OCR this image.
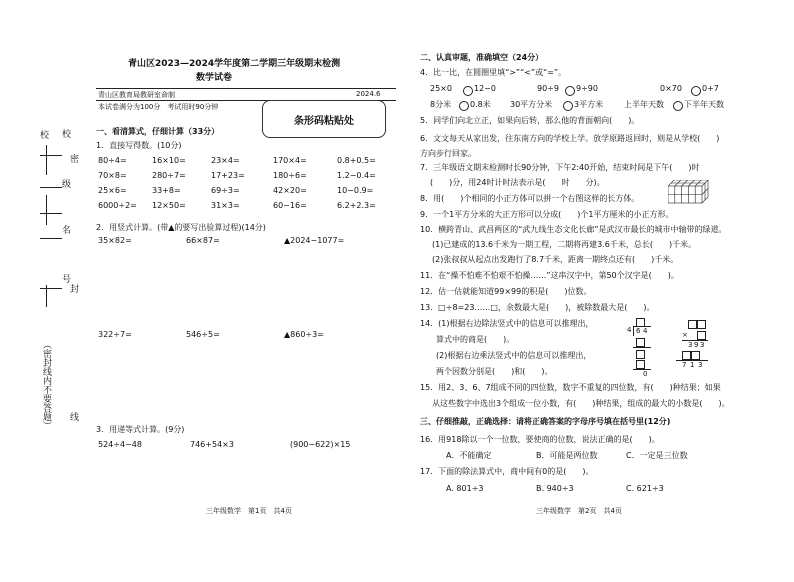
校 校
密
级
名
号
封
线
（密封线内不要答题）
青山区2023—2024学年度第二学期三年级期末检测
数学试卷
青山区教育局教研室命制	2024.6
本试卷满分为100分　考试用时90分钟
条形码粘贴处
一、看清算式，仔细计算（33分）
1．直接写得数。(10分)
80÷4=	16×10=	23×4=	170×4=	0.8+0.5=
70×8=	280÷7=	17+23=	180÷6=	1.2−0.4=
25×6=	33+8=	69÷3=	42×20=	10−0.9=
6000÷2= 12×50=	31×3=	60−16=	6.2+2.3=
2．用竖式计算。(带▲的要写出验算过程)(14分)
35×82=	66×87=	▲2024−1077=
322÷7=	546÷5=	▲860÷3=
3．用递等式计算。(9分)
524÷4−48	746+54×3	(900−622)×15
三年级数学　第1页　共4页
二、认真审题，准确填空（24分）
4．比一比，在圆圈里填“>”“<”或“=”。
25×0	12−0	90÷9 9÷90	0×70	0+7
8分米 0.8米 30平方分米	3平方米	上半年天数	下半年天数
5．同学们向北立正，如果向后转，那么他的背面朝向(　　)。
6．文文每天从家出发，往东南方向的学校上学。放学原路返回时，则是从学校(　　)方向步行回家。
7．三年级语文期末检测时长90分钟，下午2:40开始，结束时间是下午(　　)时
(　　)分，用24时计时法表示是(　　时　　分)。
8．用(　　)个相同的小正方体可以拼一个右图这样的长方体。
9．一个1平方分米的大正方形可以分成(　　)个1平方厘米的小正方形。
10．横跨青山、武昌两区的“武九线生态文化长廊”是武汉市最长的城市中轴带的绿道。
(1)已建成的13.6千米为一期工程，二期将再建3.6千米，总长(　　)千米。
(2)张叔叔从起点出发跑行了8.7千米，距离一期终点还有(　　)千米。
11．在“操不怕难不怕艰不怕操……”这串汉字中，第50个汉字是(　　)。
12．估一估就能知道99×99的积是(　　)位数。
13．□÷8=23……□，余数最大是(　　)，被除数最大是(　　)。
14．(1)根据右边除法竖式中的信息可以推理出，
算式中的商是(　　)。
(2)根据右边乘法竖式中的信息可以推理出，
两个因数分别是(　　)和(　　)。
4 6 4
0
×
3 9 3
7 1 3
15．用2、3、6、7组成不同的四位数，数字不重复的四位数，有(　　)种结果；如果
从这些数字中选出3个组成一位小数，有(　　)种结果，组成的最大的小数是(　　)。
三、仔细推敲，正确选择：请将正确答案的字母序号填在括号里(12分)
16．用918除以一个一位数，要使商的位数，说法正确的是(　　)。
A．不能确定	B．可能是两位数	C．一定是三位数
17．下面的除法算式中，商中间有0的是(　　)。
A. 801÷3	B. 940÷3	C. 621÷3
三年级数学　第2页　共4页
